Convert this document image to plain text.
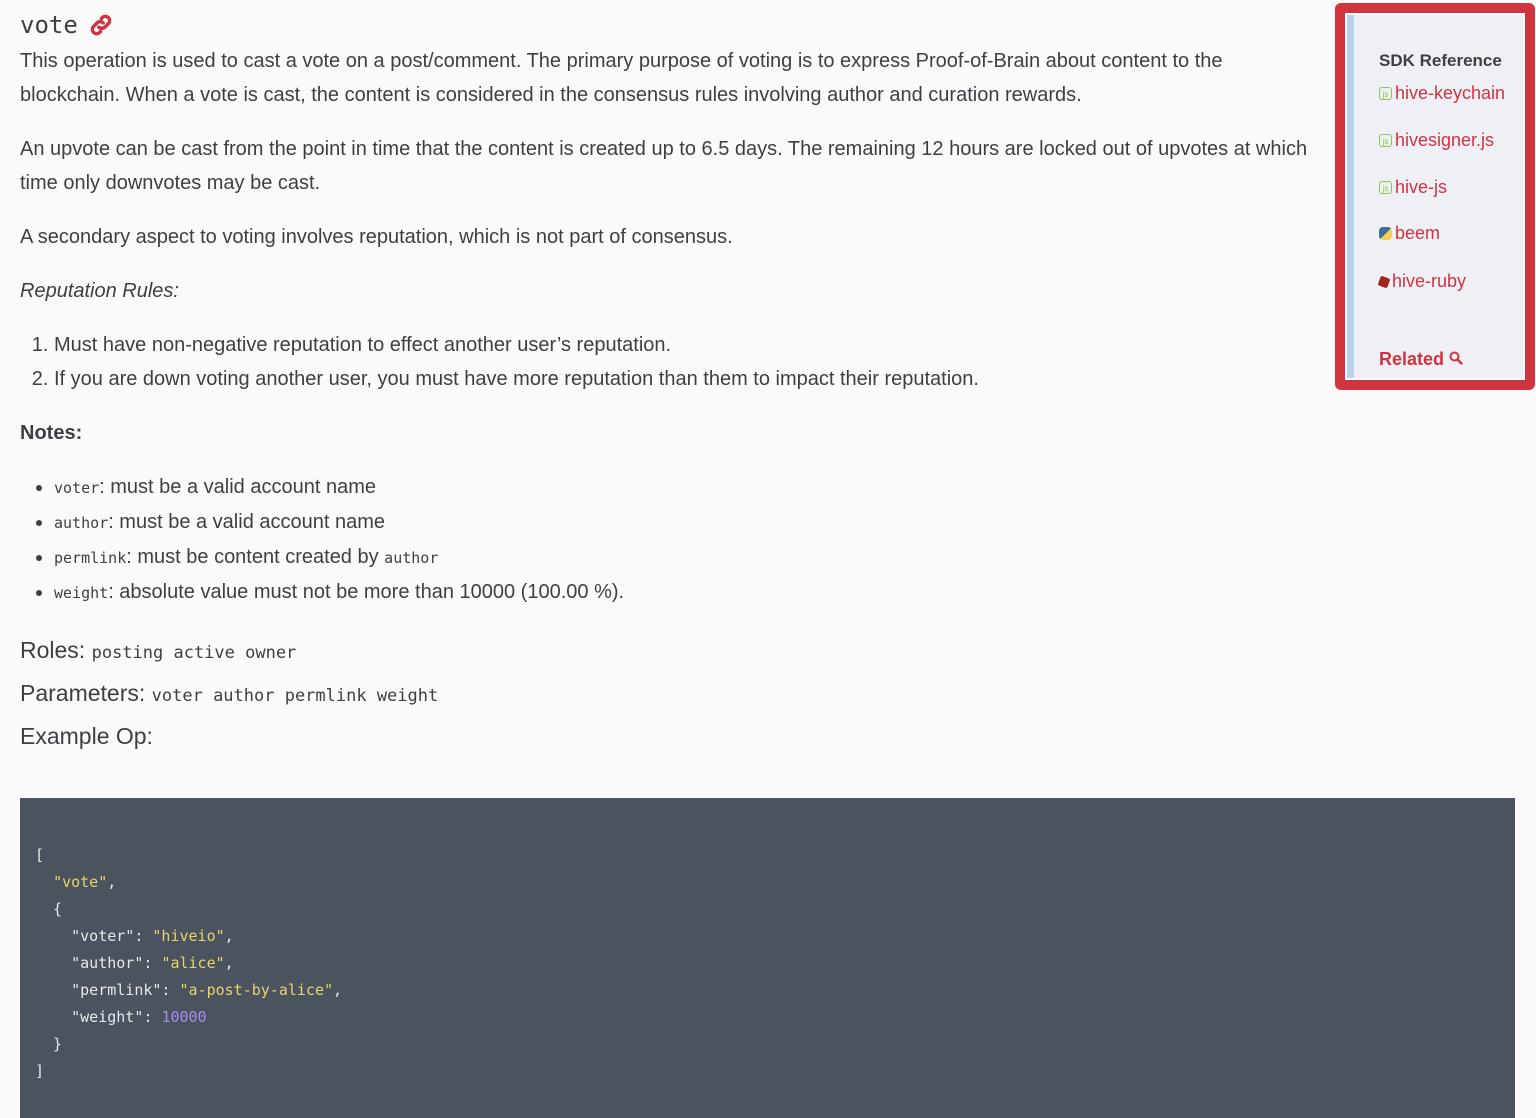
vote

This operation is used to cast a vote on a post/comment. The primary purpose of voting is to express Proof-of-Brain about content to the blockchain. When a vote is cast, the content is considered in the consensus rules involving author and curation rewards.

An upvote can be cast from the point in time that the content is created up to 6.5 days. The remaining 12 hours are locked out of upvotes at which time only downvotes may be cast.

A secondary aspect to voting involves reputation, which is not part of consensus.

Reputation Rules:

1. Must have non-negative reputation to effect another user’s reputation.
2. If you are down voting another user, you must have more reputation than them to impact their reputation.
Notes:
• voter: must be a valid account name
• author: must be a valid account name
• permlink: must be content created by author
• weight: absolute value must not be more than 10000 (100.00 %).
Roles: posting active owner
Parameters: voter author permlink weight
Example Op:
[
"vote",
{
"voter": "hiveio",
"author": "alice",
"permlink": "a-post-by-alice",
"weight": 10000
}
]
SDK Reference
js hive-keychain
js hivesigner.js
js hive-js
beem
hive-ruby
Related
